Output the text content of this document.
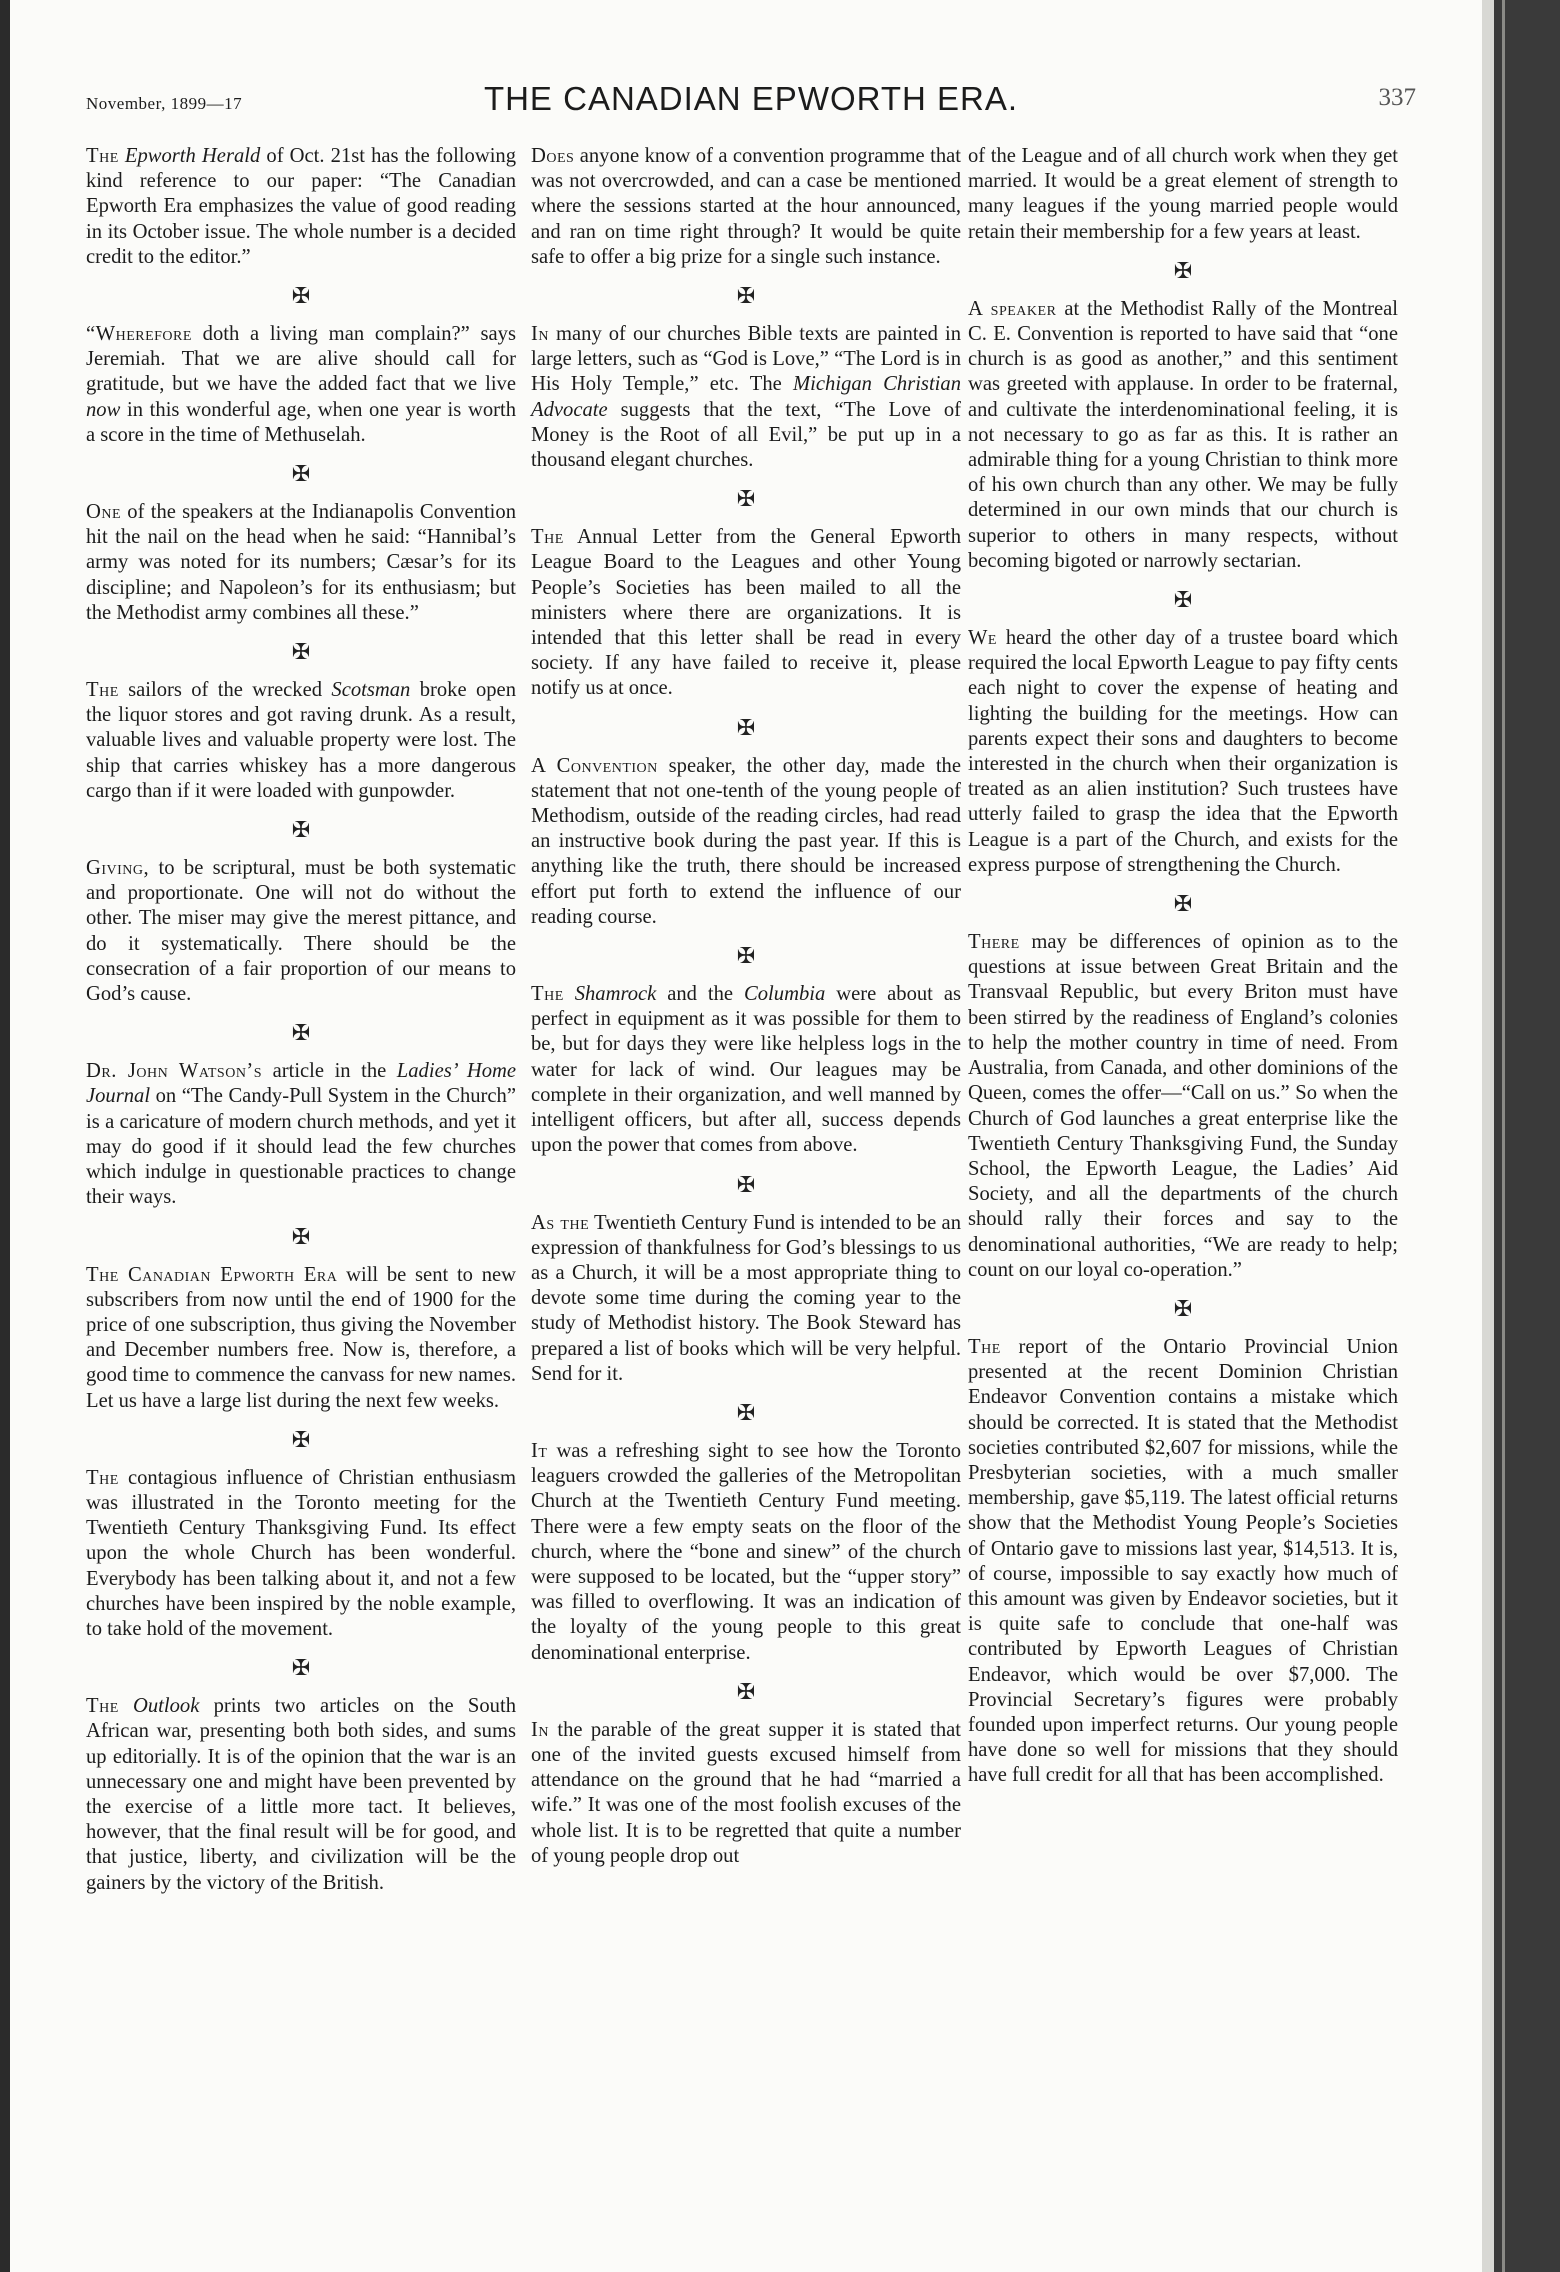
November, 1899—17	THE CANADIAN EPWORTH ERA.	337

The Epworth Herald of Oct. 21st has the following kind reference to our paper: “The Canadian Epworth Era emphasizes the value of good reading in its October issue. The whole number is a decided credit to the editor.”

✠

“Wherefore doth a living man complain?” says Jeremiah. That we are alive should call for gratitude, but we have the added fact that we live now in this wonderful age, when one year is worth a score in the time of Methuselah.

✠

One of the speakers at the Indianapolis Convention hit the nail on the head when he said: “Hannibal’s army was noted for its numbers; Cæsar’s for its discipline; and Napoleon’s for its enthusiasm; but the Methodist army combines all these.”

✠

The sailors of the wrecked Scotsman broke open the liquor stores and got raving drunk. As a result, valuable lives and valuable property were lost. The ship that carries whiskey has a more dangerous cargo than if it were loaded with gunpowder.

✠

Giving, to be scriptural, must be both systematic and proportionate. One will not do without the other. The miser may give the merest pittance, and do it systematically. There should be the consecration of a fair proportion of our means to God’s cause.

✠

Dr. John Watson’s article in the Ladies’ Home Journal on “The Candy-Pull System in the Church” is a caricature of modern church methods, and yet it may do good if it should lead the few churches which indulge in questionable practices to change their ways.

✠

The Canadian Epworth Era will be sent to new subscribers from now until the end of 1900 for the price of one subscription, thus giving the November and December numbers free. Now is, therefore, a good time to commence the canvass for new names. Let us have a large list during the next few weeks.

✠

The contagious influence of Christian enthusiasm was illustrated in the Toronto meeting for the Twentieth Century Thanksgiving Fund. Its effect upon the whole Church has been wonderful. Everybody has been talking about it, and not a few churches have been inspired by the noble example, to take hold of the movement.

✠

The Outlook prints two articles on the South African war, presenting both both sides, and sums up editorially. It is of the opinion that the war is an unnecessary one and might have been prevented by the exercise of a little more tact. It believes, however, that the final result will be for good, and that justice, liberty, and civilization will be the gainers by the victory of the British.

Does anyone know of a convention programme that was not overcrowded, and can a case be mentioned where the sessions started at the hour announced, and ran on time right through? It would be quite safe to offer a big prize for a single such instance.

✠

In many of our churches Bible texts are painted in large letters, such as “God is Love,” “The Lord is in His Holy Temple,” etc. The Michigan Christian Advocate suggests that the text, “The Love of Money is the Root of all Evil,” be put up in a thousand elegant churches.

✠

The Annual Letter from the General Epworth League Board to the Leagues and other Young People’s Societies has been mailed to all the ministers where there are organizations. It is intended that this letter shall be read in every society. If any have failed to receive it, please notify us at once.

✠

A Convention speaker, the other day, made the statement that not one-tenth of the young people of Methodism, outside of the reading circles, had read an instructive book during the past year. If this is anything like the truth, there should be increased effort put forth to extend the influence of our reading course.

✠

The Shamrock and the Columbia were about as perfect in equipment as it was possible for them to be, but for days they were like helpless logs in the water for lack of wind. Our leagues may be complete in their organization, and well manned by intelligent officers, but after all, success depends upon the power that comes from above.

✠

As the Twentieth Century Fund is intended to be an expression of thankfulness for God’s blessings to us as a Church, it will be a most appropriate thing to devote some time during the coming year to the study of Methodist history. The Book Steward has prepared a list of books which will be very helpful. Send for it.

✠

It was a refreshing sight to see how the Toronto leaguers crowded the galleries of the Metropolitan Church at the Twentieth Century Fund meeting. There were a few empty seats on the floor of the church, where the “bone and sinew” of the church were supposed to be located, but the “upper story” was filled to overflowing. It was an indication of the loyalty of the young people to this great denominational enterprise.

✠

In the parable of the great supper it is stated that one of the invited guests excused himself from attendance on the ground that he had “married a wife.” It was one of the most foolish excuses of the whole list. It is to be regretted that quite a number of young people drop out

of the League and of all church work when they get married. It would be a great element of strength to many leagues if the young married people would retain their membership for a few years at least.

✠

A speaker at the Methodist Rally of the Montreal C. E. Convention is reported to have said that “one church is as good as another,” and this sentiment was greeted with applause. In order to be fraternal, and cultivate the interdenominational feeling, it is not necessary to go as far as this. It is rather an admirable thing for a young Christian to think more of his own church than any other. We may be fully determined in our own minds that our church is superior to others in many respects, without becoming bigoted or narrowly sectarian.

✠

We heard the other day of a trustee board which required the local Epworth League to pay fifty cents each night to cover the expense of heating and lighting the building for the meetings. How can parents expect their sons and daughters to become interested in the church when their organization is treated as an alien institution? Such trustees have utterly failed to grasp the idea that the Epworth League is a part of the Church, and exists for the express purpose of strengthening the Church.

✠

There may be differences of opinion as to the questions at issue between Great Britain and the Transvaal Republic, but every Briton must have been stirred by the readiness of England’s colonies to help the mother country in time of need. From Australia, from Canada, and other dominions of the Queen, comes the offer—“Call on us.” So when the Church of God launches a great enterprise like the Twentieth Century Thanksgiving Fund, the Sunday School, the Epworth League, the Ladies’ Aid Society, and all the departments of the church should rally their forces and say to the denominational authorities, “We are ready to help; count on our loyal co-operation.”

✠

The report of the Ontario Provincial Union presented at the recent Dominion Christian Endeavor Convention contains a mistake which should be corrected. It is stated that the Methodist societies contributed $2,607 for missions, while the Presbyterian societies, with a much smaller membership, gave $5,119. The latest official returns show that the Methodist Young People’s Societies of Ontario gave to missions last year, $14,513. It is, of course, impossible to say exactly how much of this amount was given by Endeavor societies, but it is quite safe to conclude that one-half was contributed by Epworth Leagues of Christian Endeavor, which would be over $7,000. The Provincial Secretary’s figures were probably founded upon imperfect returns. Our young people have done so well for missions that they should have full credit for all that has been accomplished.
